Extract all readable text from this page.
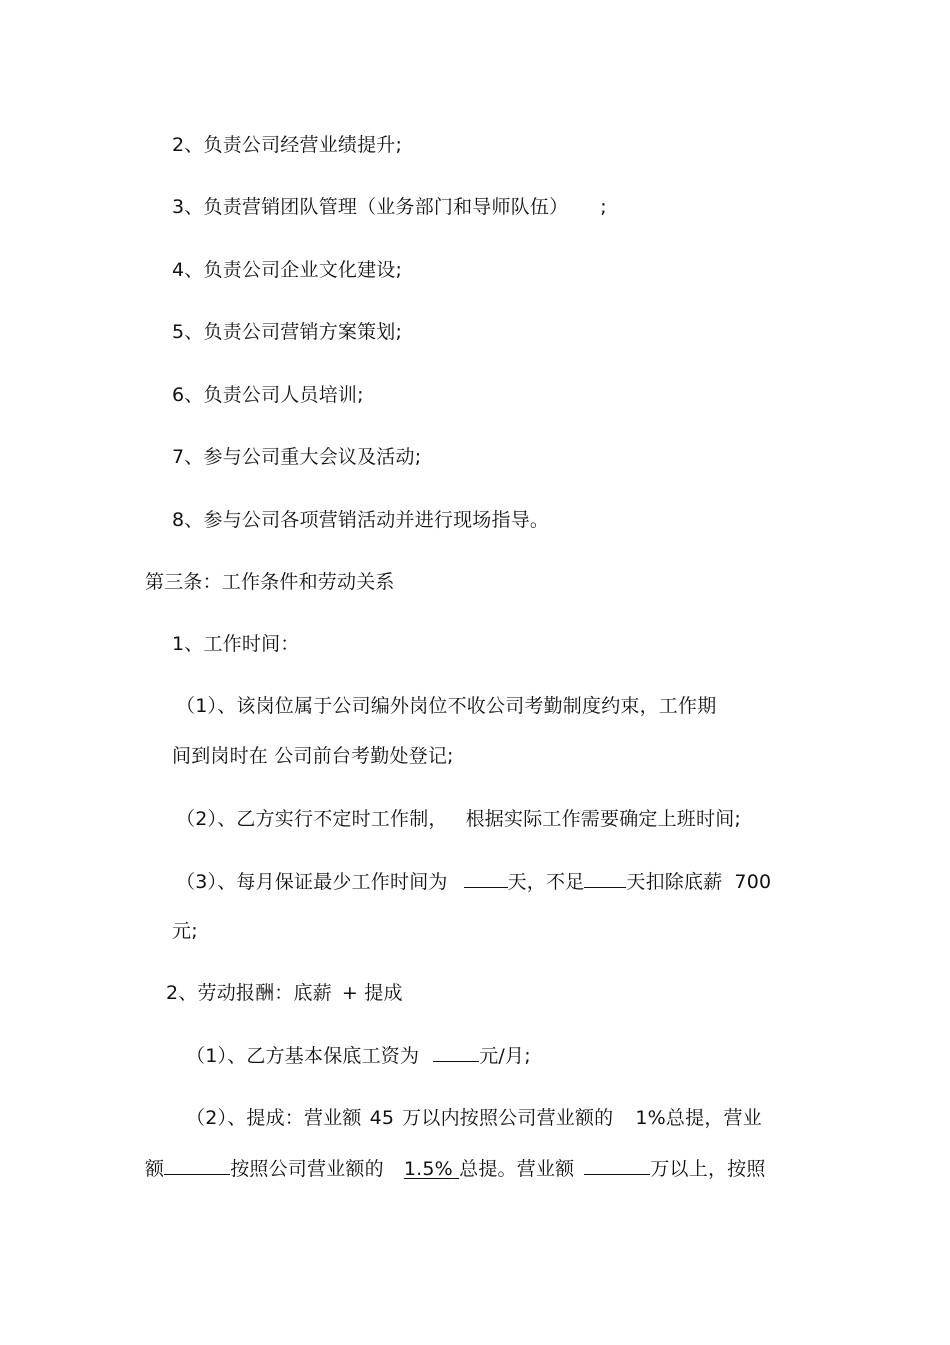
2、负责公司经营业绩提升;
3、负责营销团队管理（业务部门和导师队伍） ;
4、负责公司企业文化建设;
5、负责公司营销方案策划;
6、负责公司人员培训;
7、参与公司重大会议及活动;
8、参与公司各项营销活动并进行现场指导。
第三条：工作条件和劳动关系
1、工作时间：
（1）、该岗位属于公司编外岗位不收公司考勤制度约束，工作期
间到岗时在 公司前台考勤处登记;
（2）、乙方实行不定时工作制， 根据实际工作需要确定上班时间;
（3）、每月保证最少工作时间为	天，不足 天扣除底薪 700
元;
2、劳动报酬：底薪 + 提成
（1）、乙方基本保底工资为	元/月;
（2）、提成：营业额 45 万以内按照公司营业额的 1%总提，营业
额	按照公司营业额的 1.5% 总提。营业额	万以上，按照
